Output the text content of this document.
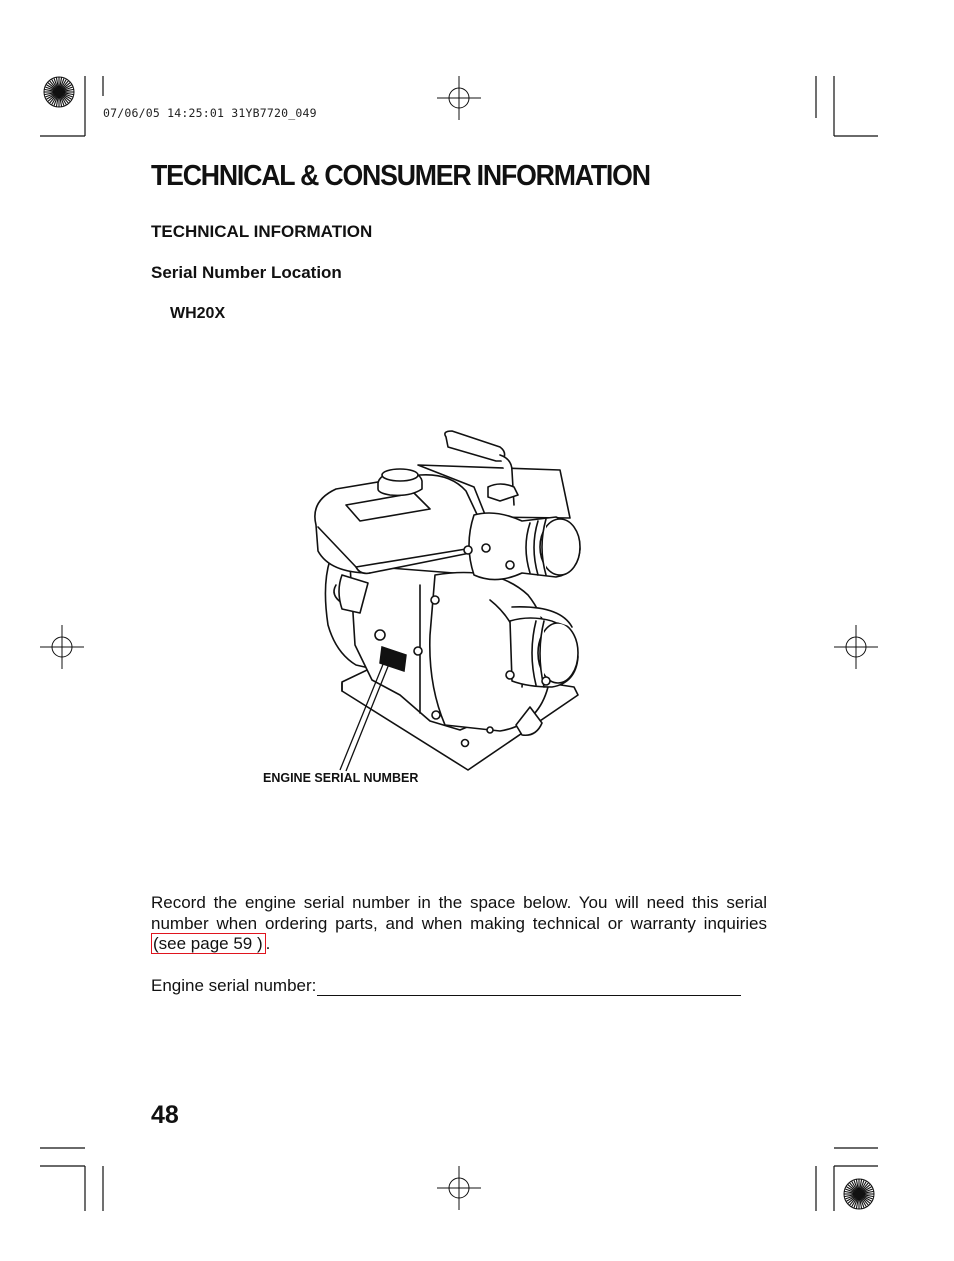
07/06/05 14:25:01 31YB7720_049
TECHNICAL & CONSUMER INFORMATION
TECHNICAL INFORMATION
Serial Number Location
WH20X
ENGINE SERIAL NUMBER

Record the engine serial number in the space below. You will need this serial number when ordering parts, and when making technical or warranty inquiries (see page 59 ) .

Engine serial number:
48
